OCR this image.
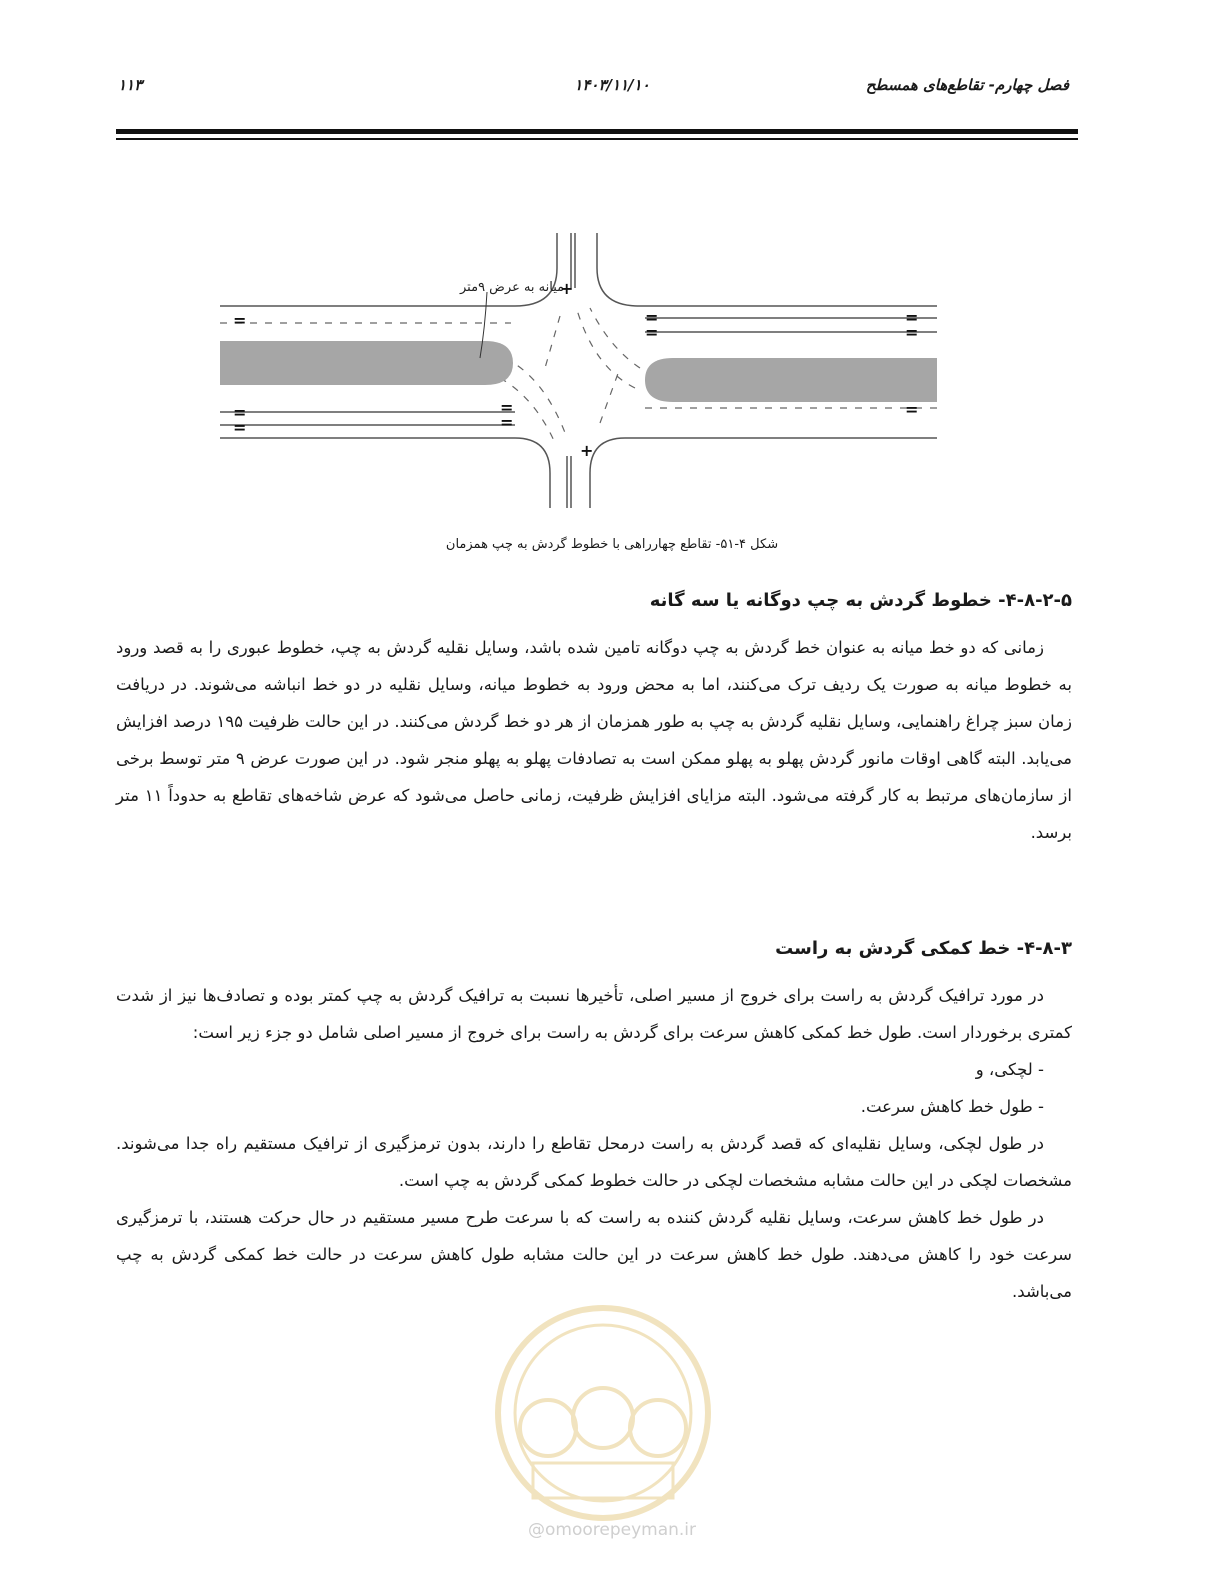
فصل چهارم- تقاطع‌های همسطح
۱۴۰۳/۱۱/۱۰
۱۱۳
میانه به عرض ۹متر
+
+
=
=
=
=
=
=
=
=
=
=
شکل ۴-۵۱- تقاطع چهارراهی با خطوط گردش به چپ همزمان
۴-۸-۲-۵- خطوط گردش به چپ دوگانه یا سه گانه

زمانی که دو خط میانه به عنوان خط گردش به چپ دوگانه تامین شده باشد، وسایل نقلیه گردش به چپ، خطوط عبوری را به قصد ورود به خطوط میانه به صورت یک ردیف ترک می‌کنند، اما به محض ورود به خطوط میانه، وسایل نقلیه در دو خط انباشه می‌شوند. در دریافت زمان سبز چراغ راهنمایی، وسایل نقلیه گردش به چپ به طور همزمان از هر دو خط گردش می‌کنند. در این حالت ظرفیت ۱۹۵ درصد افزایش می‌یابد. البته گاهی اوقات مانور گردش پهلو به پهلو ممکن است به تصادفات پهلو به پهلو منجر شود. در این صورت عرض ۹ متر توسط برخی از سازمان‌های مرتبط به کار گرفته می‌شود. البته مزایای افزایش ظرفیت، زمانی حاصل می‌شود که عرض شاخه‌های تقاطع به حدوداً ۱۱ متر برسد.

۴-۸-۳- خط کمکی گردش به راست

در مورد ترافیک گردش به راست برای خروج از مسیر اصلی، تأخیرها نسبت به ترافیک گردش به چپ کمتر بوده و تصادف‌ها نیز از شدت کمتری برخوردار است. طول خط کمکی کاهش سرعت برای گردش به راست برای خروج از مسیر اصلی شامل دو جزء زیر است:

- لچکی، و

- طول خط کاهش سرعت.

در طول لچکی، وسایل نقلیه‌ای که قصد گردش به راست درمحل تقاطع را دارند، بدون ترمزگیری از ترافیک مستقیم راه جدا می‌شوند. مشخصات لچکی در این حالت مشابه مشخصات لچکی در حالت خطوط کمکی گردش به چپ است.

در طول خط کاهش سرعت، وسایل نقلیه گردش کننده به راست که با سرعت طرح مسیر مستقیم در حال حرکت هستند، با ترمزگیری سرعت خود را کاهش می‌دهند. طول خط کاهش سرعت در این حالت مشابه طول کاهش سرعت در حالت خط کمکی گردش به چپ می‌باشد.

@omoorepeyman.ir
